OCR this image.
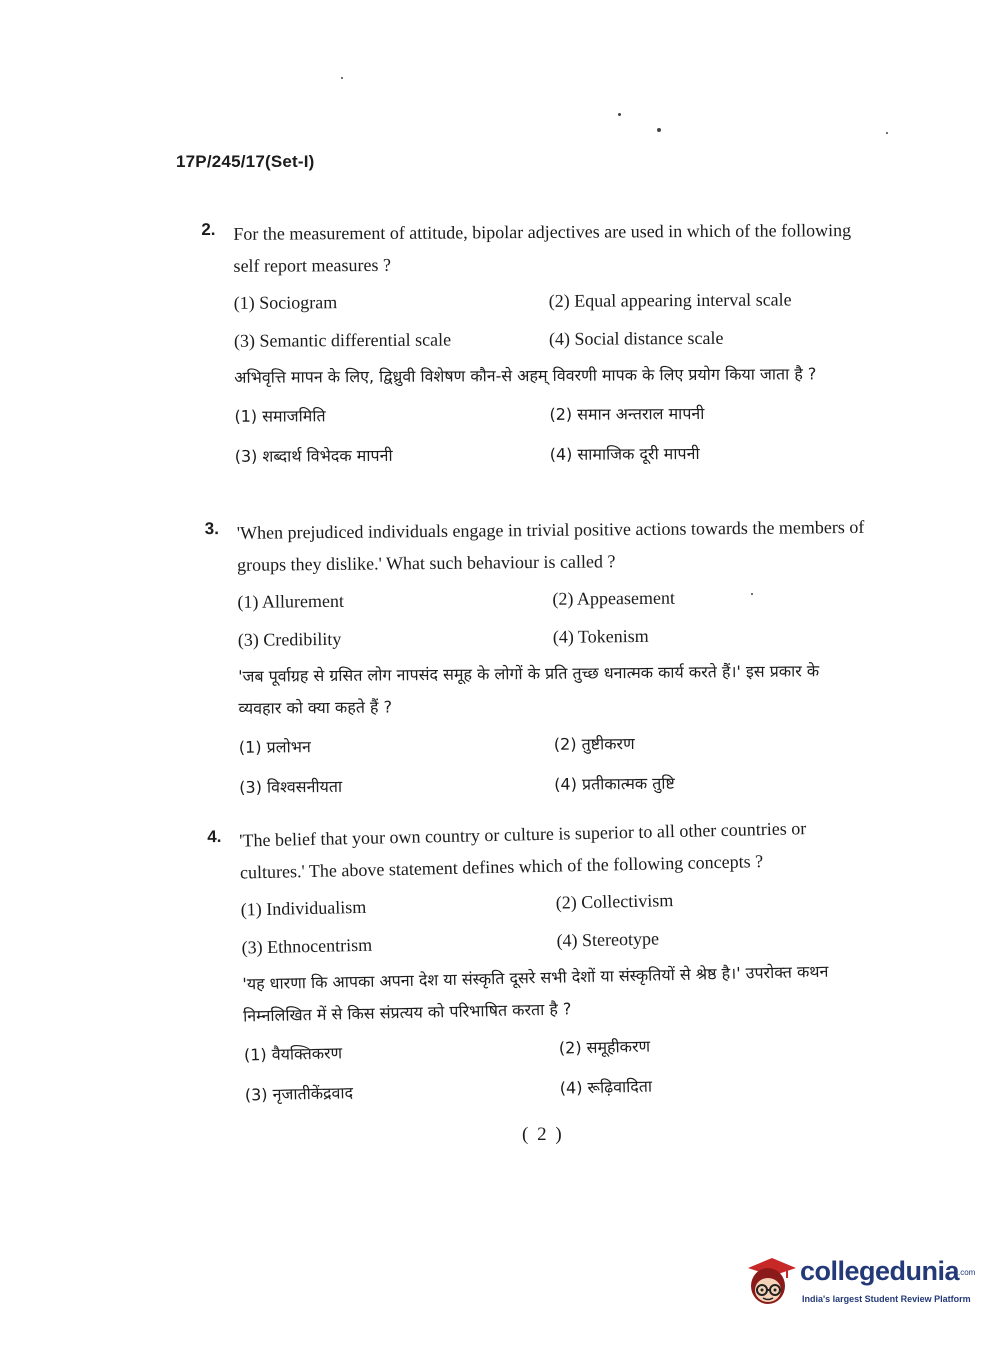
17P/245/17(Set-I)
2. For the measurement of attitude, bipolar adjectives are used in which of the following self report measures ?
(1) Sociogram	(2) Equal appearing interval scale
(3) Semantic differential scale	(4) Social distance scale
अभिवृत्ति मापन के लिए, द्विध्रुवी विशेषण कौन-से अहम् विवरणी मापक के लिए प्रयोग किया जाता है ?
(1) समाजमिति	(2) समान अन्तराल मापनी
(3) शब्दार्थ विभेदक मापनी	(4) सामाजिक दूरी मापनी
3. 'When prejudiced individuals engage in trivial positive actions towards the members of groups they dislike.' What such behaviour is called ?
(1) Allurement	(2) Appeasement
(3) Credibility	(4) Tokenism
'जब पूर्वाग्रह से ग्रसित लोग नापसंद समूह के लोगों के प्रति तुच्छ धनात्मक कार्य करते हैं।' इस प्रकार के व्यवहार को क्या कहते हैं ?
(1) प्रलोभन	(2) तुष्टीकरण
(3) विश्वसनीयता	(4) प्रतीकात्मक तुष्टि
4. 'The belief that your own country or culture is superior to all other countries or cultures.' The above statement defines which of the following concepts ?
(1) Individualism	(2) Collectivism
(3) Ethnocentrism	(4) Stereotype
'यह धारणा कि आपका अपना देश या संस्कृति दूसरे सभी देशों या संस्कृतियों से श्रेष्ठ है।' उपरोक्त कथन निम्नलिखित में से किस संप्रत्यय को परिभाषित करता है ?
(1) वैयक्तिकरण	(2) समूहीकरण
(3) नृजातीकेंद्रवाद	(4) रूढ़िवादिता
( 2 )
collegedunia
.com
India's largest Student Review Platform
